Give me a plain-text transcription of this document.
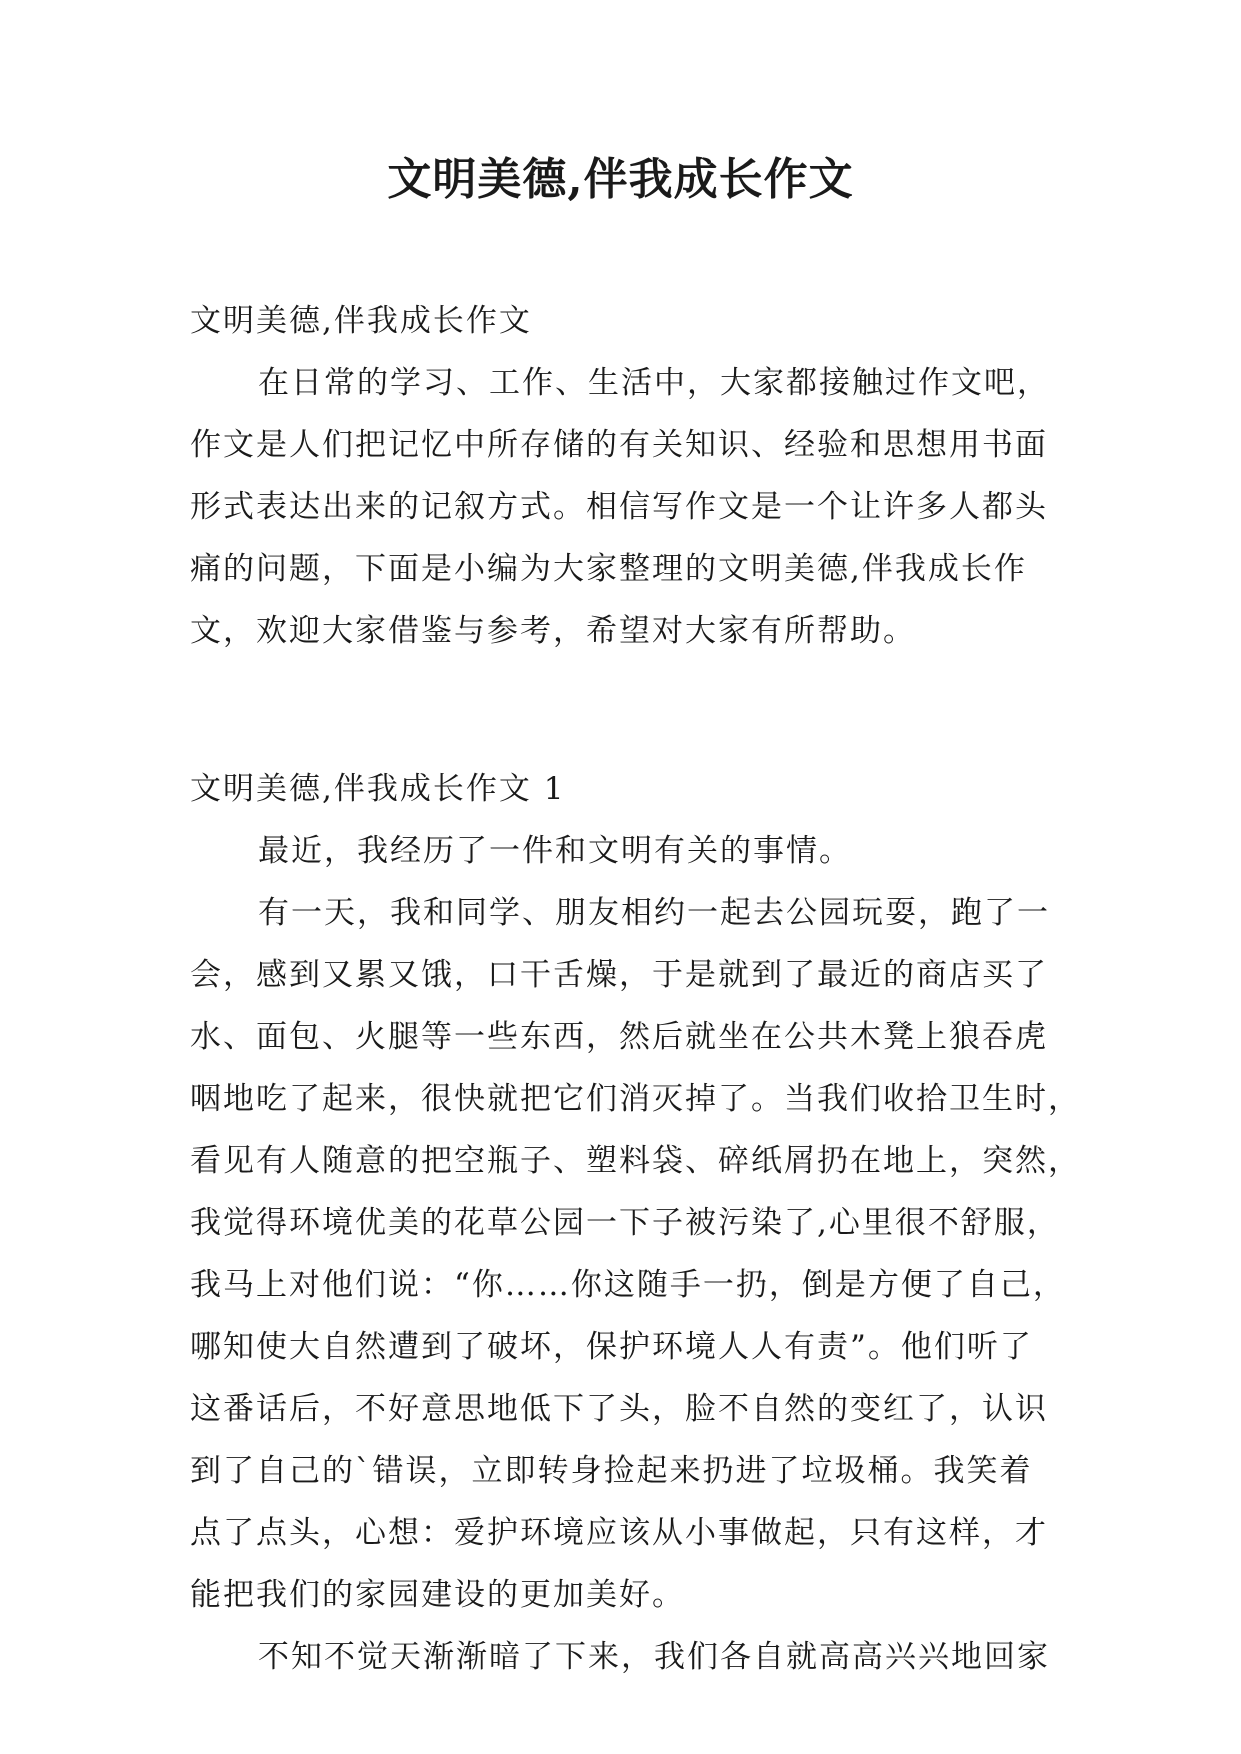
文明美德,伴我成长作文
文明美德,伴我成长作文
在日常的学习、工作、生活中，大家都接触过作文吧，
作文是人们把记忆中所存储的有关知识、经验和思想用书面
形式表达出来的记叙方式。相信写作文是一个让许多人都头
痛的问题，下面是小编为大家整理的文明美德,伴我成长作
文，欢迎大家借鉴与参考，希望对大家有所帮助。
文明美德,伴我成长作文 1
最近，我经历了一件和文明有关的事情。
有一天，我和同学、朋友相约一起去公园玩耍，跑了一
会，感到又累又饿，口干舌燥，于是就到了最近的商店买了
水、面包、火腿等一些东西，然后就坐在公共木凳上狼吞虎
咽地吃了起来，很快就把它们消灭掉了。当我们收拾卫生时，
看见有人随意的把空瓶子、塑料袋、碎纸屑扔在地上，突然，
我觉得环境优美的花草公园一下子被污染了,心里很不舒服，
我马上对他们说：“你……你这随手一扔，倒是方便了自己，
哪知使大自然遭到了破坏，保护环境人人有责”。他们听了
这番话后，不好意思地低下了头，脸不自然的变红了，认识
到了自己的`错误，立即转身捡起来扔进了垃圾桶。我笑着
点了点头，心想：爱护环境应该从小事做起，只有这样，才
能把我们的家园建设的更加美好。
不知不觉天渐渐暗了下来，我们各自就高高兴兴地回家
